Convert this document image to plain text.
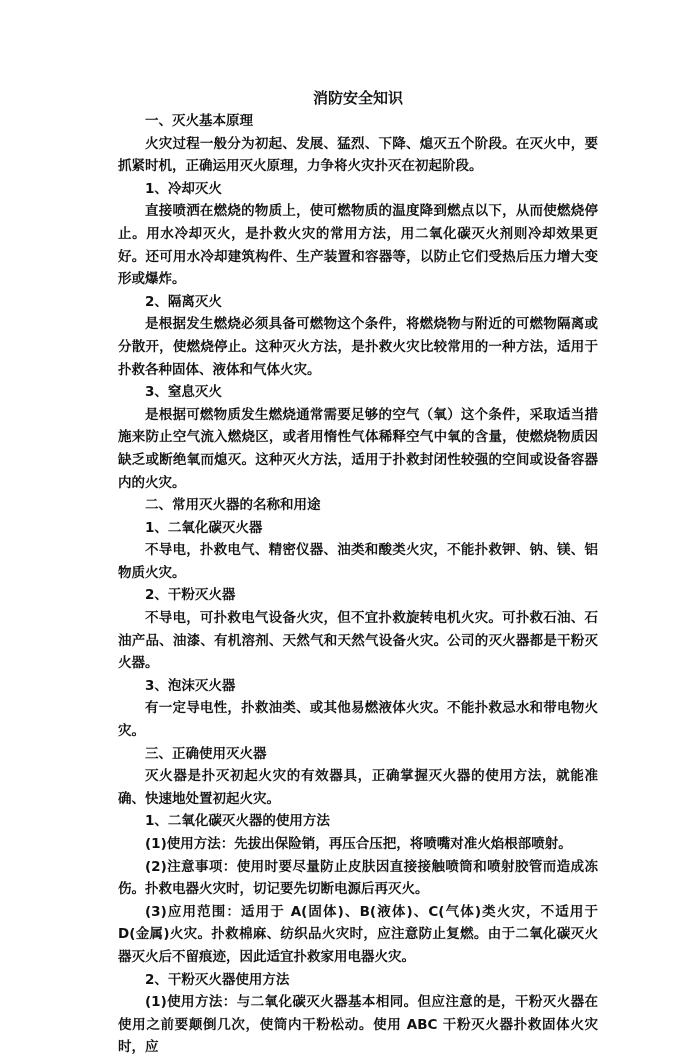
消防安全知识
一、灭火基本原理
火灾过程一般分为初起、发展、猛烈、下降、熄灭五个阶段。在灭火中，要抓紧时机，正确运用灭火原理，力争将火灾扑灭在初起阶段。
1、冷却灭火
直接喷洒在燃烧的物质上，使可燃物质的温度降到燃点以下，从而使燃烧停止。用水冷却灭火，是扑救火灾的常用方法，用二氧化碳灭火剂则冷却效果更好。还可用水冷却建筑构件、生产装置和容器等，以防止它们受热后压力增大变形或爆炸。
2、隔离灭火
是根据发生燃烧必须具备可燃物这个条件，将燃烧物与附近的可燃物隔离或分散开，使燃烧停止。这种灭火方法，是扑救火灾比较常用的一种方法，适用于扑救各种固体、液体和气体火灾。
3、窒息灭火
是根据可燃物质发生燃烧通常需要足够的空气（氧）这个条件，采取适当措施来防止空气流入燃烧区，或者用惰性气体稀释空气中氧的含量，使燃烧物质因缺乏或断绝氧而熄灭。这种灭火方法，适用于扑救封闭性较强的空间或设备容器内的火灾。
二、常用灭火器的名称和用途
1、二氧化碳灭火器
不导电，扑救电气、精密仪器、油类和酸类火灾，不能扑救钾、钠、镁、铝物质火灾。
2、干粉灭火器
不导电，可扑救电气设备火灾，但不宜扑救旋转电机火灾。可扑救石油、石油产品、油漆、有机溶剂、天然气和天然气设备火灾。公司的灭火器都是干粉灭火器。
3、泡沫灭火器
有一定导电性，扑救油类、或其他易燃液体火灾。不能扑救忌水和带电物火灾。
三、正确使用灭火器
灭火器是扑灭初起火灾的有效器具，正确掌握灭火器的使用方法，就能准确、快速地处置初起火灾。
1、二氧化碳灭火器的使用方法
(1)使用方法：先拔出保险销，再压合压把，将喷嘴对准火焰根部喷射。
(2)注意事项：使用时要尽量防止皮肤因直接接触喷筒和喷射胶管而造成冻伤。扑救电器火灾时，切记要先切断电源后再灭火。
(3)应用范围：适用于 A(固体)、B(液体)、C(气体)类火灾，不适用于 D(金属)火灾。扑救棉麻、纺织品火灾时，应注意防止复燃。由于二氧化碳灭火器灭火后不留痕迹，因此适宜扑救家用电器火灾。
2、干粉灭火器使用方法
(1)使用方法：与二氧化碳灭火器基本相同。但应注意的是，干粉灭火器在使用之前要颠倒几次，使筒内干粉松动。使用 ABC 干粉灭火器扑救固体火灾时，应
